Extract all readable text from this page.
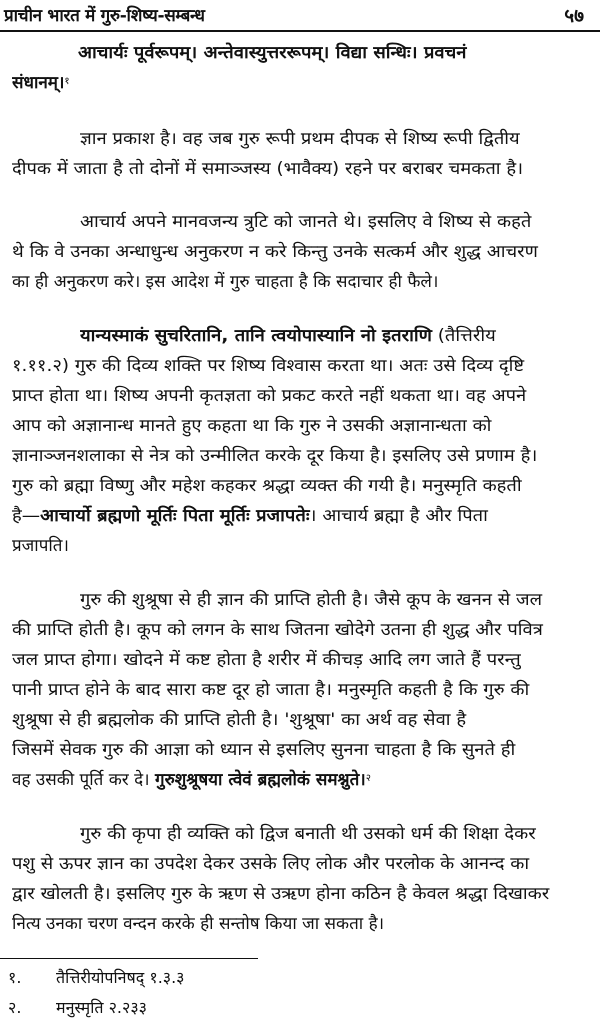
प्राचीन भारत में गुरु-शिष्य-सम्बन्ध	५७
आचार्यः पूर्वरूपम्। अन्तेवास्युत्तररूपम्। विद्या सन्धिः। प्रवचनं
संधानम्।$^१$
ज्ञान प्रकाश है। वह जब गुरु रूपी प्रथम दीपक से शिष्य रूपी द्वितीय
दीपक में जाता है तो दोनों में समाञ्जस्य (भावैक्य) रहने पर बराबर चमकता है।
आचार्य अपने मानवजन्य त्रुटि को जानते थे। इसलिए वे शिष्य से कहते
थे कि वे उनका अन्धाधुन्ध अनुकरण न करे किन्तु उनके सत्कर्म और शुद्ध आचरण
का ही अनुकरण करे। इस आदेश में गुरु चाहता है कि सदाचार ही फैले।
यान्यस्माकं सुचरितानि, तानि त्वयोपास्यानि नो इतराणि (तैत्तिरीय
१.११.२) गुरु की दिव्य शक्ति पर शिष्य विश्वास करता था। अतः उसे दिव्य दृष्टि
प्राप्त होता था। शिष्य अपनी कृतज्ञता को प्रकट करते नहीं थकता था। वह अपने
आप को अज्ञानान्ध मानते हुए कहता था कि गुरु ने उसकी अज्ञानान्धता को
ज्ञानाञ्जनशलाका से नेत्र को उन्मीलित करके दूर किया है। इसलिए उसे प्रणाम है।
गुरु को ब्रह्मा विष्णु और महेश कहकर श्रद्धा व्यक्त की गयी है। मनुस्मृति कहती
है—आचार्यो ब्रह्मणो मूर्तिः पिता मूर्तिः प्रजापतेः। आचार्य ब्रह्मा है और पिता
प्रजापति।
गुरु की शुश्रूषा से ही ज्ञान की प्राप्ति होती है। जैसे कूप के खनन से जल
की प्राप्ति होती है। कूप को लगन के साथ जितना खोदेगे उतना ही शुद्ध और पवित्र
जल प्राप्त होगा। खोदने में कष्ट होता है शरीर में कीचड़ आदि लग जाते हैं परन्तु
पानी प्राप्त होने के बाद सारा कष्ट दूर हो जाता है। मनुस्मृति कहती है कि गुरु की
शुश्रूषा से ही ब्रह्मलोक की प्राप्ति होती है। 'शुश्रूषा' का अर्थ वह सेवा है
जिसमें सेवक गुरु की आज्ञा को ध्यान से इसलिए सुनना चाहता है कि सुनते ही
वह उसकी पूर्ति कर दे। गुरुशुश्रूषया त्वेवं ब्रह्मलोकं समश्नुते।$^२$
गुरु की कृपा ही व्यक्ति को द्विज बनाती थी उसको धर्म की शिक्षा देकर
पशु से ऊपर ज्ञान का उपदेश देकर उसके लिए लोक और परलोक के आनन्द का
द्वार खोलती है। इसलिए गुरु के ऋण से उऋण होना कठिन है केवल श्रद्धा दिखाकर
नित्य उनका चरण वन्दन करके ही सन्तोष किया जा सकता है।
१. तैत्तिरीयोपनिषद् १.३.३
२. मनुस्मृति २.२३३
